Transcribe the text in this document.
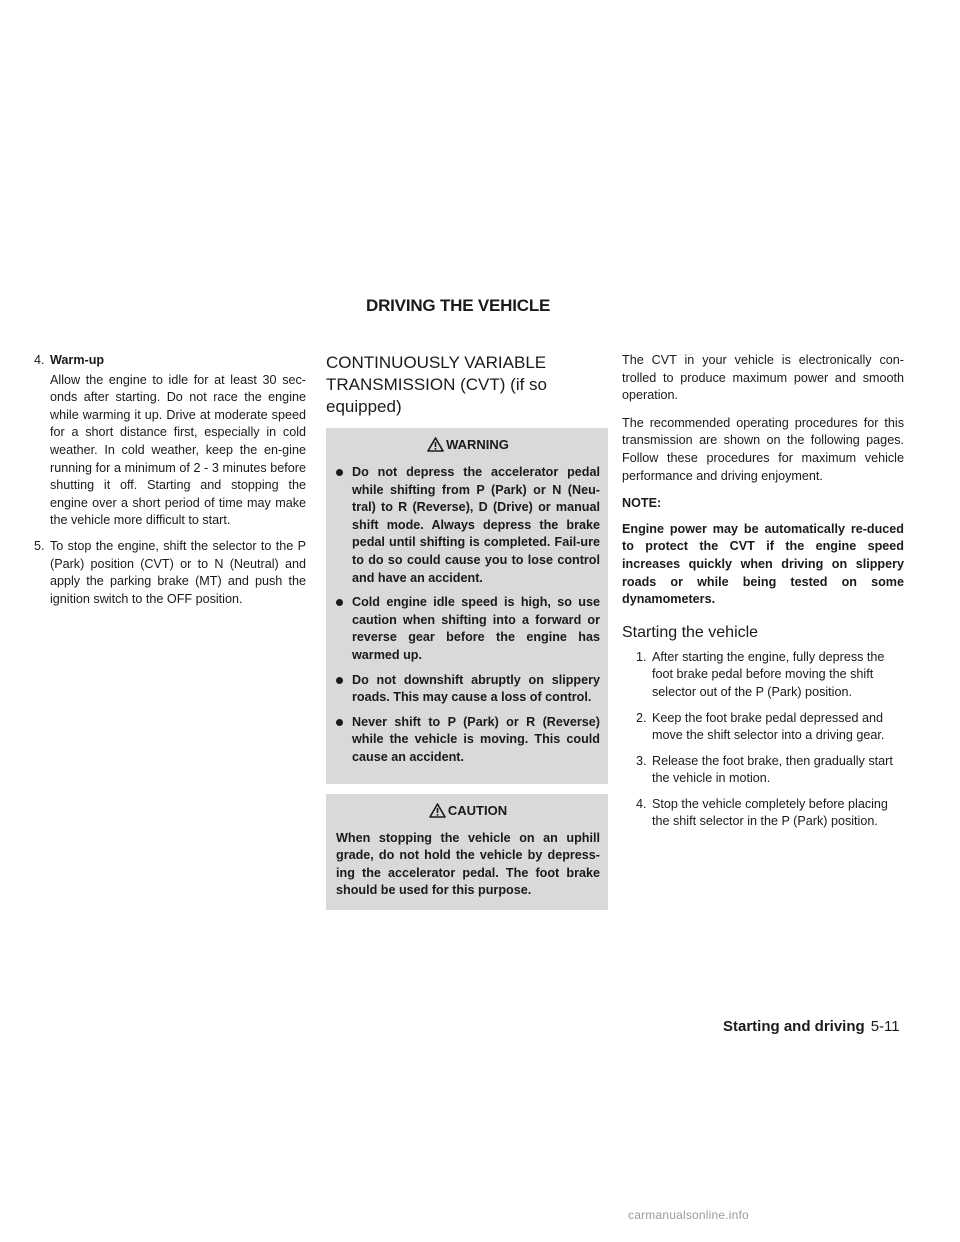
DRIVING THE VEHICLE
4. Warm-up

Allow the engine to idle for at least 30 sec-onds after starting. Do not race the engine while warming it up. Drive at moderate speed for a short distance first, especially in cold weather. In cold weather, keep the en-gine running for a minimum of 2 - 3 minutes before shutting it off. Starting and stopping the engine over a short period of time may make the vehicle more difficult to start.

5. To stop the engine, shift the selector to the P (Park) position (CVT) or to N (Neutral) and apply the parking brake (MT) and push the ignition switch to the OFF position.
CONTINUOUSLY VARIABLE TRANSMISSION (CVT) (if so equipped)
WARNING
Do not depress the accelerator pedal while shifting from P (Park) or N (Neu-tral) to R (Reverse), D (Drive) or manual shift mode. Always depress the brake pedal until shifting is completed. Fail-ure to do so could cause you to lose control and have an accident.
Cold engine idle speed is high, so use caution when shifting into a forward or reverse gear before the engine has warmed up.
Do not downshift abruptly on slippery roads. This may cause a loss of control.
Never shift to P (Park) or R (Reverse) while the vehicle is moving. This could cause an accident.
CAUTION

When stopping the vehicle on an uphill grade, do not hold the vehicle by depress-ing the accelerator pedal. The foot brake should be used for this purpose.

The CVT in your vehicle is electronically con-trolled to produce maximum power and smooth operation.

The recommended operating procedures for this transmission are shown on the following pages. Follow these procedures for maximum vehicle performance and driving enjoyment.

NOTE:

Engine power may be automatically re-duced to protect the CVT if the engine speed increases quickly when driving on slippery roads or while being tested on some dynamometers.

Starting the vehicle
1. After starting the engine, fully depress the foot brake pedal before moving the shift selector out of the P (Park) position.
2. Keep the foot brake pedal depressed and move the shift selector into a driving gear.
3. Release the foot brake, then gradually start the vehicle in motion.
4. Stop the vehicle completely before placing the shift selector in the P (Park) position.
Starting and driving 5-11
carmanualsonline.info
